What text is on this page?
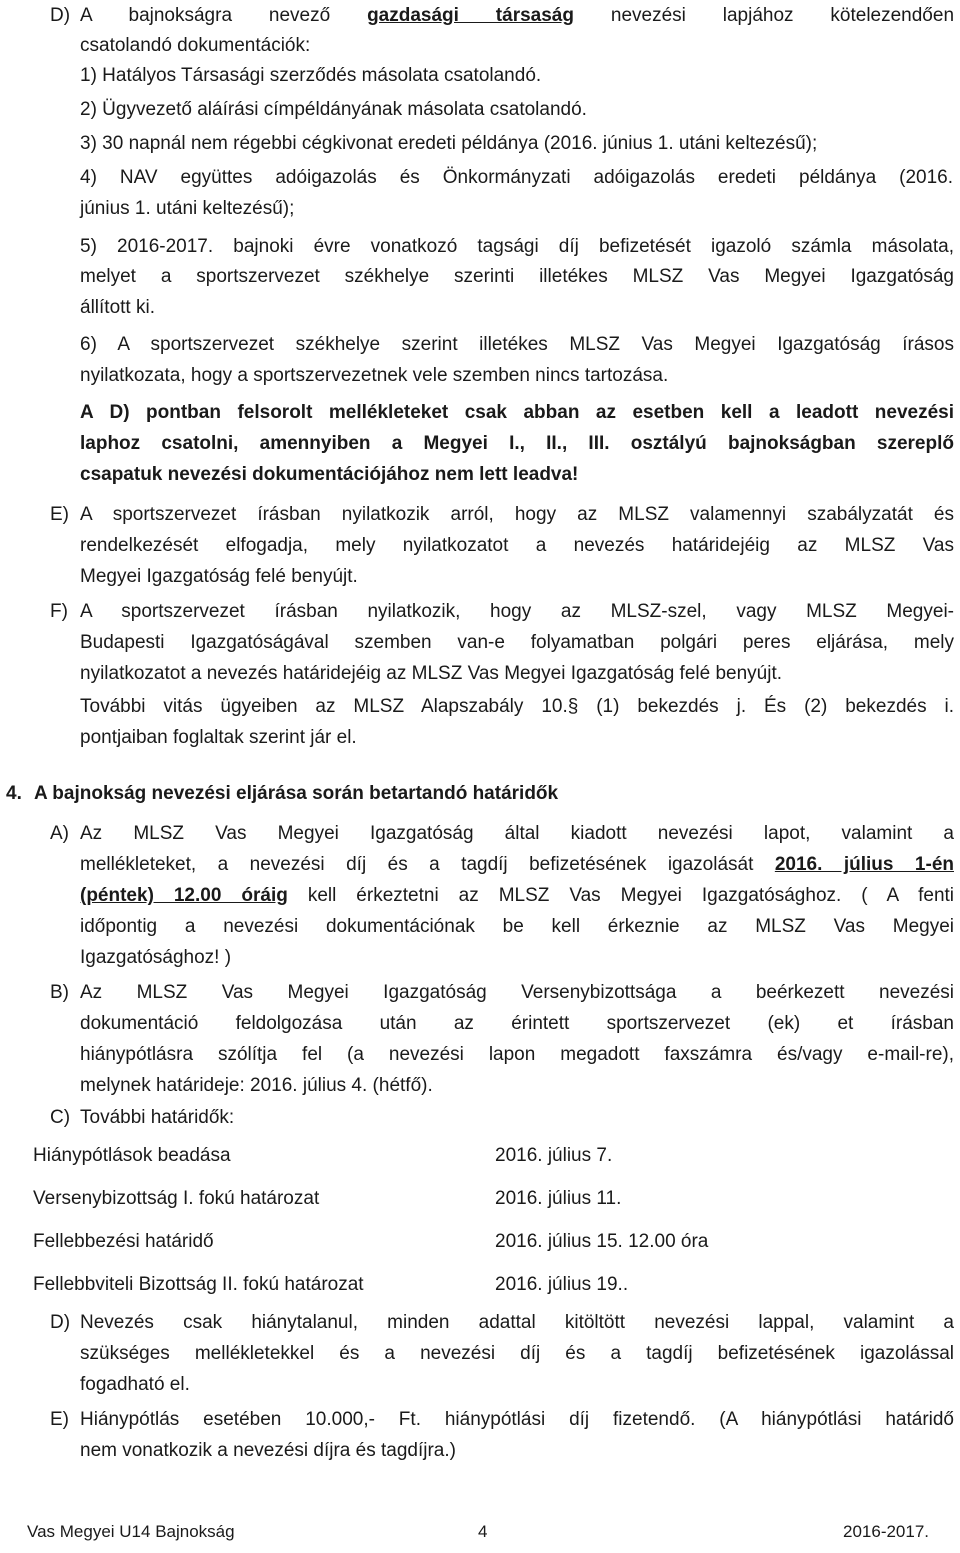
D) A bajnokságra nevező gazdasági társaság nevezési lapjához kötelezendően
csatolandó dokumentációk:
1) Hatályos Társasági szerződés másolata csatolandó.
2) Ügyvezető aláírási címpéldányának másolata csatolandó.
3) 30 napnál nem régebbi cégkivonat eredeti példánya (2016. június 1. utáni keltezésű);
4) NAV együttes adóigazolás és Önkormányzati adóigazolás eredeti példánya (2016.
június 1. utáni keltezésű);
5) 2016-2017. bajnoki évre vonatkozó tagsági díj befizetését igazoló számla másolata,
melyet a sportszervezet székhelye szerinti illetékes MLSZ Vas Megyei Igazgatóság
állított ki.
6) A sportszervezet székhelye szerint illetékes MLSZ Vas Megyei Igazgatóság írásos
nyilatkozata, hogy a sportszervezetnek vele szemben nincs tartozása.
A D) pontban felsorolt mellékleteket csak abban az esetben kell a leadott nevezési
laphoz csatolni, amennyiben a Megyei I., II., III. osztályú bajnokságban szereplő
csapatuk nevezési dokumentációjához nem lett leadva!
E) A sportszervezet írásban nyilatkozik arról, hogy az MLSZ valamennyi szabályzatát és
rendelkezését elfogadja, mely nyilatkozatot a nevezés határidejéig az MLSZ Vas
Megyei Igazgatóság felé benyújt.
F) A sportszervezet írásban nyilatkozik, hogy az MLSZ-szel, vagy MLSZ Megyei-
Budapesti Igazgatóságával szemben van-e folyamatban polgári peres eljárása, mely
nyilatkozatot a nevezés határidejéig az MLSZ Vas Megyei Igazgatóság felé benyújt.
További vitás ügyeiben az MLSZ Alapszabály 10.§ (1) bekezdés j. És (2) bekezdés i.
pontjaiban foglaltak szerint jár el.
4. A bajnokság nevezési eljárása során betartandó határidők
A) Az MLSZ Vas Megyei Igazgatóság által kiadott nevezési lapot, valamint a
mellékleteket, a nevezési díj és a tagdíj befizetésének igazolását 2016. július 1-én
(péntek) 12.00 óráig kell érkeztetni az MLSZ Vas Megyei Igazgatósághoz. ( A fenti
időpontig a nevezési dokumentációnak be kell érkeznie az MLSZ Vas Megyei
Igazgatósághoz! )
B) Az MLSZ Vas Megyei Igazgatóság Versenybizottsága a beérkezett nevezési
dokumentáció feldolgozása után az érintett sportszervezet (ek) et írásban
hiánypótlásra szólítja fel (a nevezési lapon megadott faxszámra és/vagy e-mail-re),
melynek határideje: 2016. július 4. (hétfő).
C) További határidők:
Hiánypótlások beadása	2016. július 7.
Versenybizottság I. fokú határozat	2016. július 11.
Fellebbezési határidő	2016. július 15. 12.00 óra
Fellebbviteli Bizottság II. fokú határozat	2016. július 19..
D) Nevezés csak hiánytalanul, minden adattal kitöltött nevezési lappal, valamint a
szükséges mellékletekkel és a nevezési díj és a tagdíj befizetésének igazolással
fogadható el.
E) Hiánypótlás esetében 10.000,- Ft. hiánypótlási díj fizetendő. (A hiánypótlási határidő
nem vonatkozik a nevezési díjra és tagdíjra.)
Vas Megyei U14 Bajnokság	4	2016-2017.
